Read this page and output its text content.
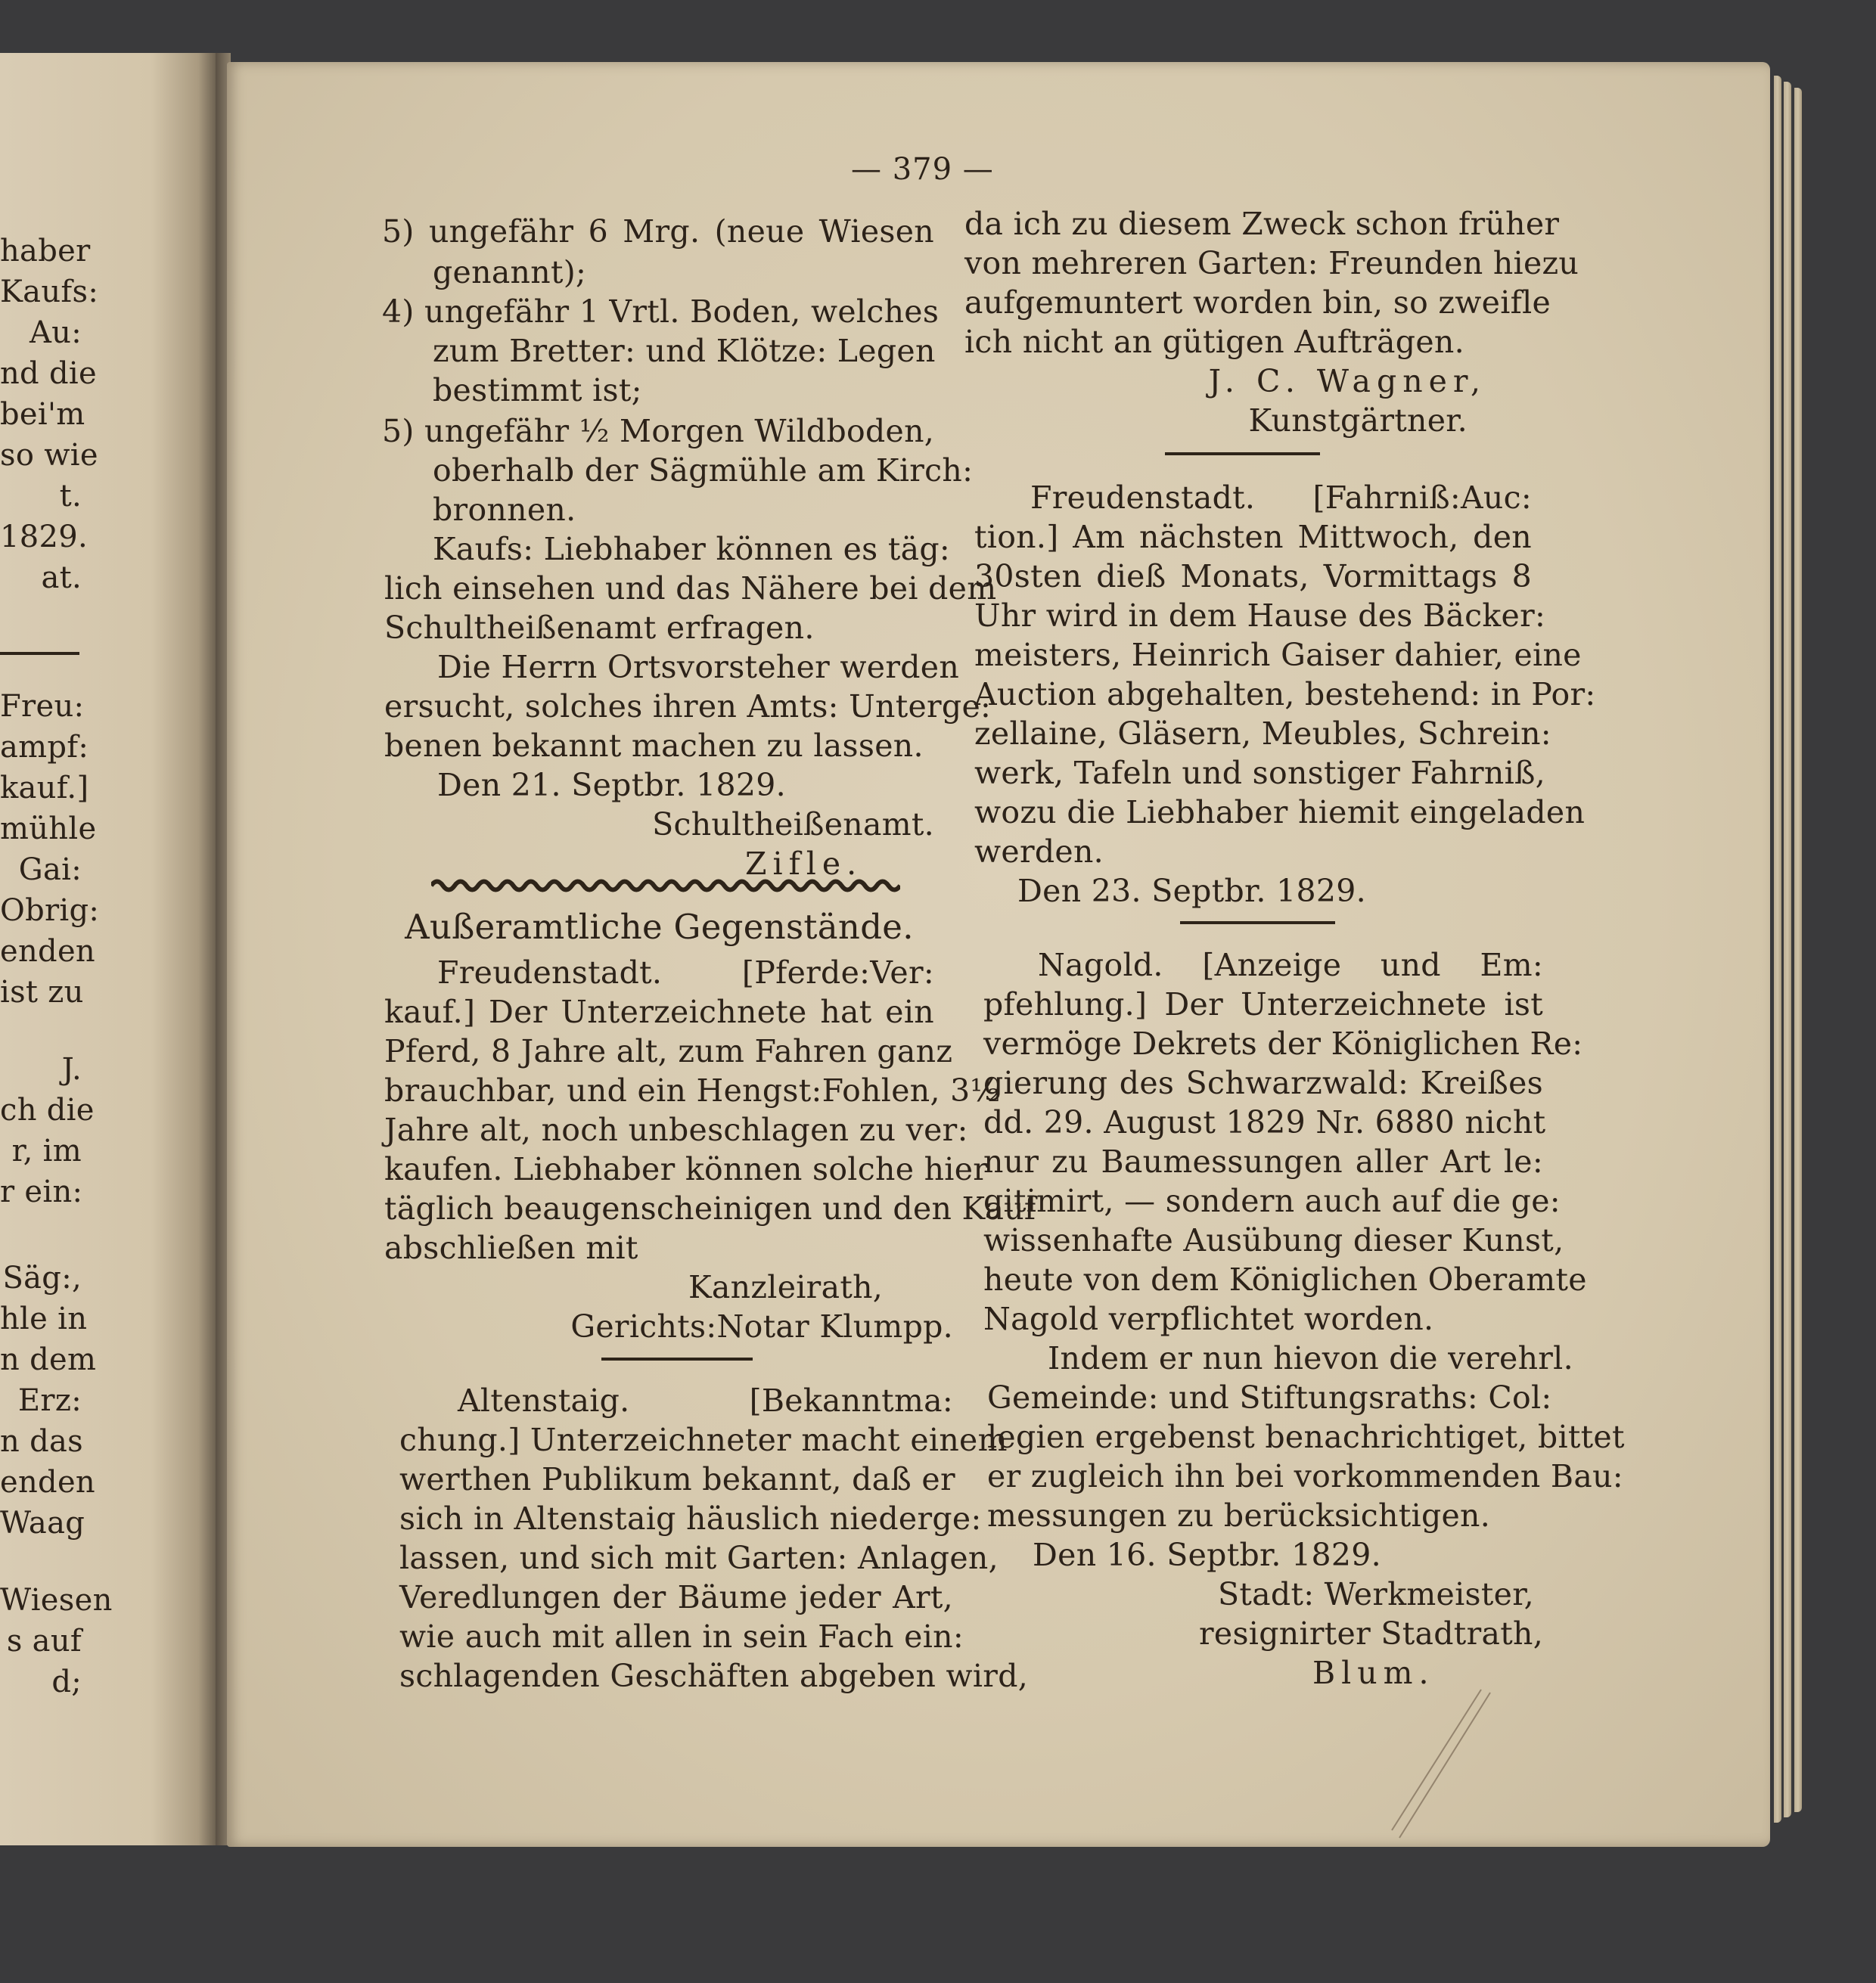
haber
Kaufs:
Au:
nd die
bei'm
so wie
t.
1829.
at.
Freu:
ampf:
kauf.]
mühle
Gai:
Obrig:
enden
ist zu
J.
ch die
r, im
r ein:
Säg:,
hle in
n dem
Erz:
n das
enden
Waag
Wiesen
s auf
d;
— 379 —
5) ungefähr 6 Mrg. (neue Wiesen
genannt);
4) ungefähr 1 Vrtl. Boden, welches
zum Bretter: und Klötze: Legen
bestimmt ist;
5) ungefähr ½ Morgen Wildboden,
oberhalb der Sägmühle am Kirch:
bronnen.
Kaufs: Liebhaber können es täg:
lich einsehen und das Nähere bei dem
Schultheißenamt erfragen.
Die Herrn Ortsvorsteher werden
ersucht, solches ihren Amts: Unterge:
benen bekannt machen zu lassen.
Den 21. Septbr. 1829.
Schultheißenamt.
Zifle.
Außeramtliche Gegenstände.
Freudenstadt. [Pferde:Ver:
kauf.] Der Unterzeichnete hat ein
Pferd, 8 Jahre alt, zum Fahren ganz
brauchbar, und ein Hengst:Fohlen, 3½
Jahre alt, noch unbeschlagen zu ver:
kaufen. Liebhaber können solche hier
täglich beaugenscheinigen und den Kauf
abschließen mit
Kanzleirath,
Gerichts:Notar Klumpp.
Altenstaig. [Bekanntma:
chung.] Unterzeichneter macht einem
werthen Publikum bekannt, daß er
sich in Altenstaig häuslich niederge:
lassen, und sich mit Garten: Anlagen,
Veredlungen der Bäume jeder Art,
wie auch mit allen in sein Fach ein:
schlagenden Geschäften abgeben wird,
da ich zu diesem Zweck schon früher
von mehreren Garten: Freunden hiezu
aufgemuntert worden bin, so zweifle
ich nicht an gütigen Aufträgen.
J. C. Wagner,
Kunstgärtner.
Freudenstadt. [Fahrniß:Auc:
tion.] Am nächsten Mittwoch, den
30sten dieß Monats, Vormittags 8
Uhr wird in dem Hause des Bäcker:
meisters, Heinrich Gaiser dahier, eine
Auction abgehalten, bestehend: in Por:
zellaine, Gläsern, Meubles, Schrein:
werk, Tafeln und sonstiger Fahrniß,
wozu die Liebhaber hiemit eingeladen
werden.
Den 23. Septbr. 1829.
Nagold. [Anzeige und Em:
pfehlung.] Der Unterzeichnete ist
vermöge Dekrets der Königlichen Re:
gierung des Schwarzwald: Kreißes
dd. 29. August 1829 Nr. 6880 nicht
nur zu Baumessungen aller Art le:
gitimirt, — sondern auch auf die ge:
wissenhafte Ausübung dieser Kunst,
heute von dem Königlichen Oberamte
Nagold verpflichtet worden.
Indem er nun hievon die verehrl.
Gemeinde: und Stiftungsraths: Col:
legien ergebenst benachrichtiget, bittet
er zugleich ihn bei vorkommenden Bau:
messungen zu berücksichtigen.
Den 16. Septbr. 1829.
Stadt: Werkmeister,
resignirter Stadtrath,
Blum.
